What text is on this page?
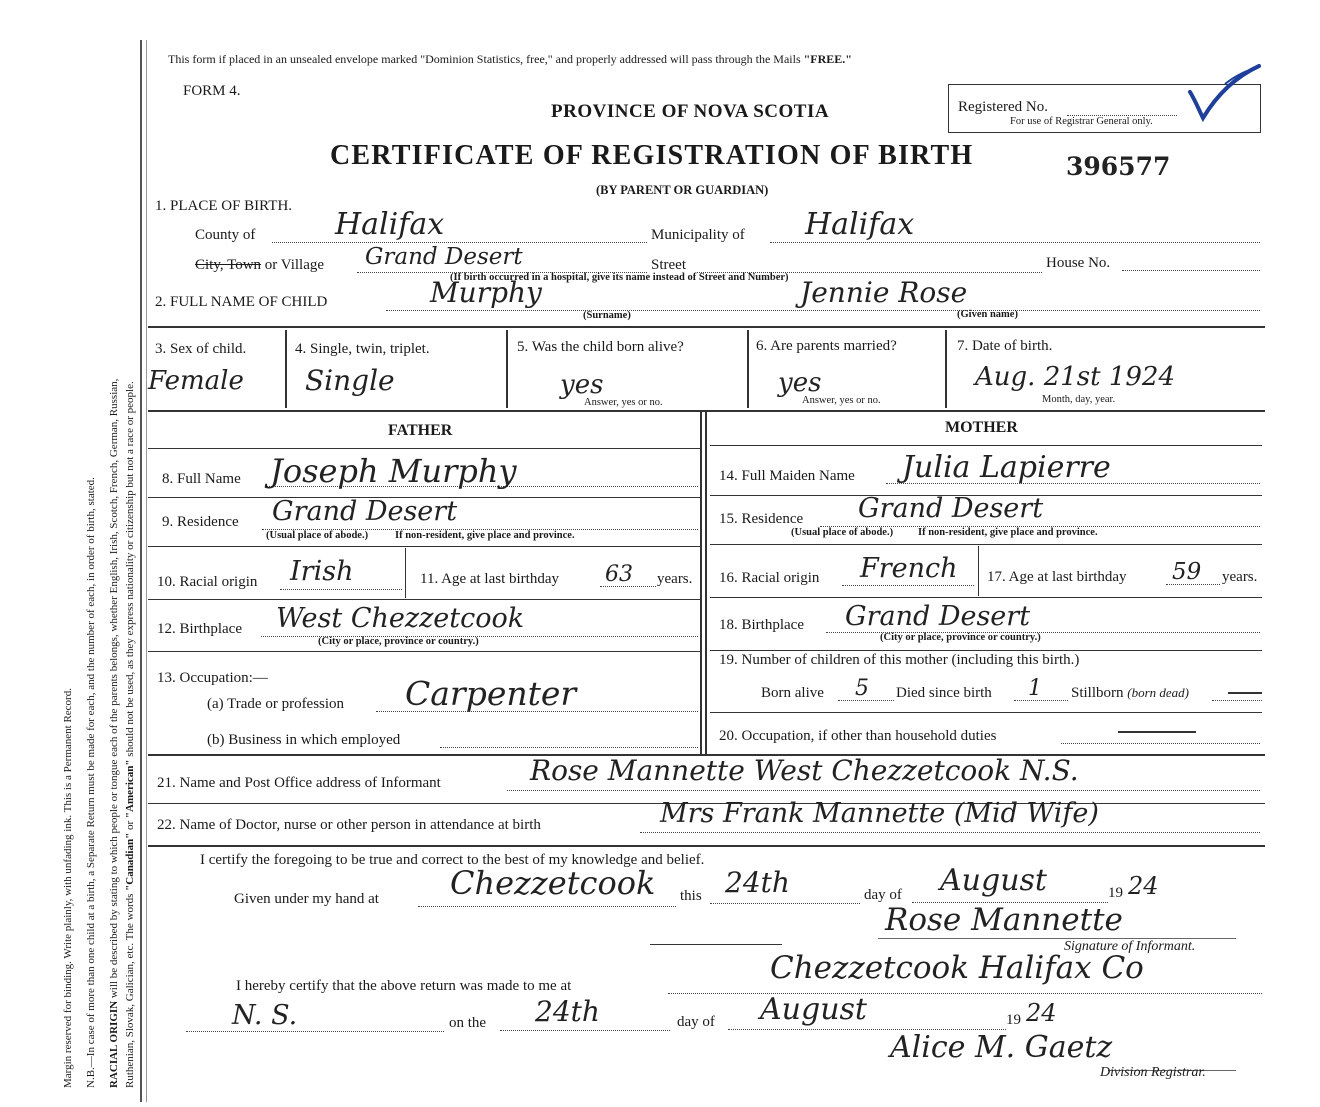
Margin reserved for binding. Write plainly, with unfading ink. This is a Permanent Record. N.B.—In case of more than one child at a birth, a Separate Return must be made for each, and the number of each, in order of birth, stated. RACIAL ORIGIN will be described by stating to which people or tongue each of the parents belongs, whether English, Irish, Scotch, French, German, Russian, Ruthenian, Slovak, Galician, etc. The words "Canadian" or "American" should not be used, as they express nationality or citizenship but not a race or people.
This form if placed in an unsealed envelope marked "Dominion Statistics, free," and properly addressed will pass through the Mails "FREE."
FORM 4.
PROVINCE OF NOVA SCOTIA	Registered No.
For use of Registrar General only.
CERTIFICATE OF REGISTRATION OF BIRTH	396577
(BY PARENT OR GUARDIAN)
1. PLACE OF BIRTH.
County of	Halifax	Municipality of Halifax
City, Town or Village Grand Desert	Street	House No.
(If birth occurred in a hospital, give its name instead of Street and Number)
2. FULL NAME OF CHILD	Murphy
(Surname)
Jennie Rose
(Given name)
3. Sex of child.
Female
4. Single, twin, triplet.
Single
5. Was the child born alive?
yes
Answer, yes or no.
6. Are parents married?
yes
Answer, yes or no.
7. Date of birth.
Aug. 21st 1924
Month, day, year.
FATHER	MOTHER
8. Full Name Joseph Murphy
9. Residence Grand Desert
(Usual place of abode.)	If non-resident, give place and province.
10. Racial origin Irish	11. Age at last birthday 63 years.
12. Birthplace West Chezzetcook
(City or place, province or country.)
13. Occupation:—
(a) Trade or profession Carpenter
(b) Business in which employed
14. Full Maiden Name Julia Lapierre
15. Residence Grand Desert
(Usual place of abode.) If non-resident, give place and province.
16. Racial origin French 17. Age at last birthday 59 years.
18. Birthplace Grand Desert
(City or place, province or country.)
19. Number of children of this mother (including this birth.)
Born alive 5 Died since birth 1 Stillborn (born dead)
20. Occupation, if other than household duties
21. Name and Post Office address of Informant	Rose Mannette West Chezzetcook N.S.
22. Name of Doctor, nurse or other person in attendance at birth	Mrs Frank Mannette (Mid Wife)
I certify the foregoing to be true and correct to the best of my knowledge and belief.
Given under my hand at Chezzetcook this 24th	day of August	19 24
Rose Mannette
Signature of Informant.
I hereby certify that the above return was made to me at	Chezzetcook Halifax Co
N. S.	on the 24th	day of August	19 24
Alice M. Gaetz
Division Registrar.
